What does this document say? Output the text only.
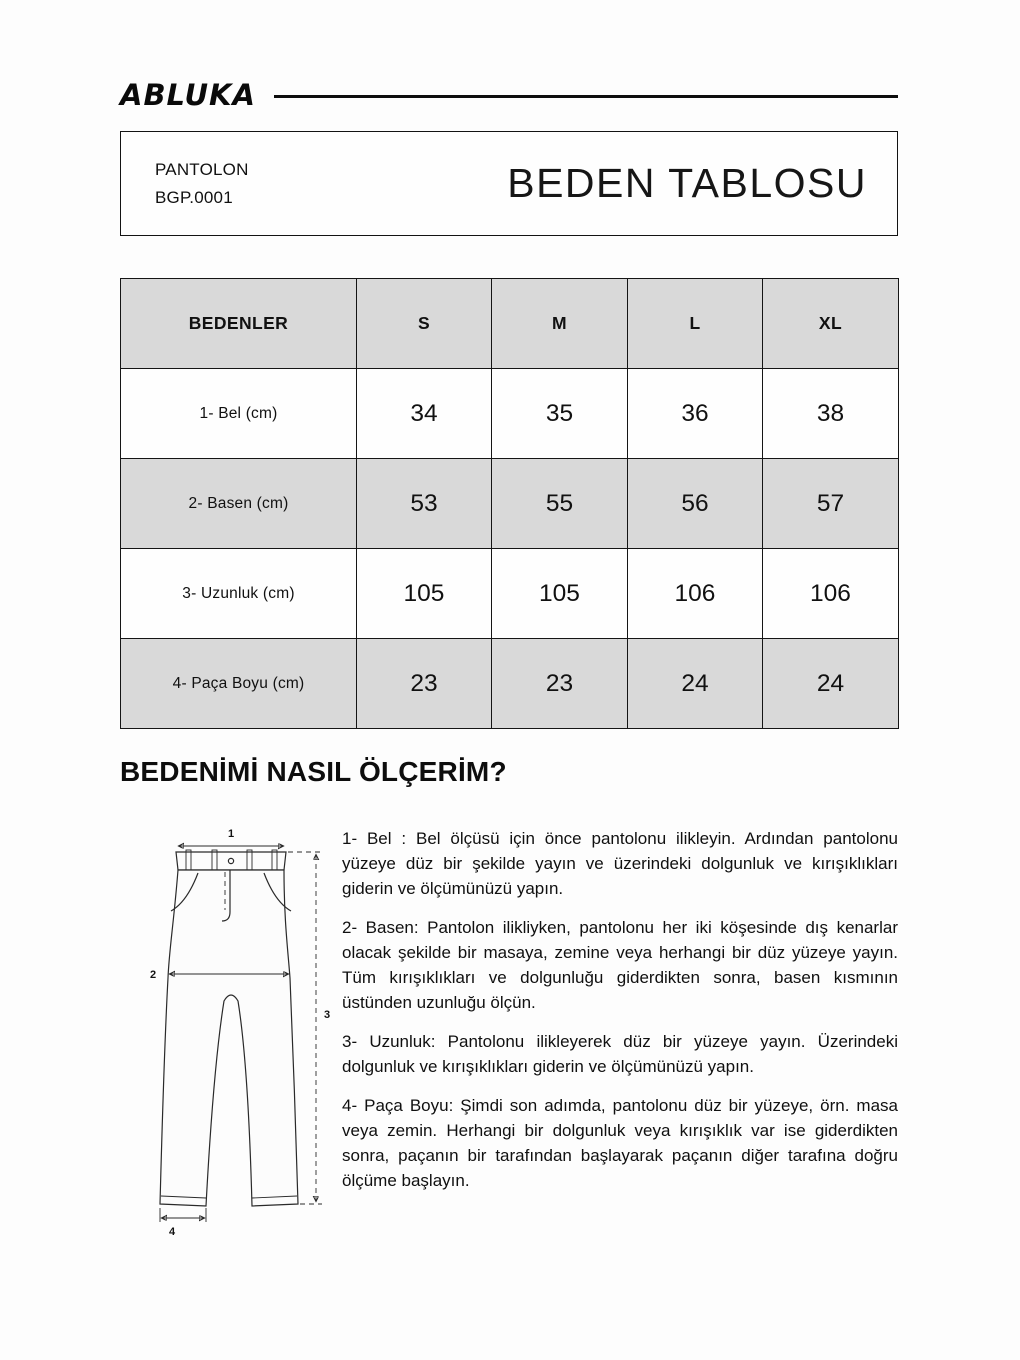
ABLUKA
PANTOLON
BGP.0001	BEDEN TABLOSU
BEDENLER	S	M	L	XL
1- Bel (cm)	34	35	36	38
2- Basen (cm)	53	55	56	57
3- Uzunluk (cm)	105	105	106	106
4- Paça Boyu (cm)	23	23	24	24
BEDENİMİ NASIL ÖLÇERİM?
1
2
3
4

1- Bel : Bel ölçüsü için önce pantolonu ilikleyin. Ardından pantolonu yüzeye düz bir şekilde yayın ve üzerindeki dolgunluk ve kırışıklıkları giderin ve ölçümünüzü yapın.

2- Basen: Pantolon ilikliyken, pantolonu her iki köşesinde dış kenarlar olacak şekilde bir masaya, zemine veya herhangi bir düz yüzeye yayın. Tüm kırışıklıkları ve dolgunluğu giderdikten sonra, basen kısmının üstünden uzunluğu ölçün.

3- Uzunluk: Pantolonu ilikleyerek düz bir yüzeye yayın. Üzerindeki dolgunluk ve kırışıklıkları giderin ve ölçümünüzü yapın.

4- Paça Boyu: Şimdi son adımda, pantolonu düz bir yüzeye, örn. masa veya zemin. Herhangi bir dolgunluk veya kırışıklık var ise giderdikten sonra, paçanın bir tarafından başlayarak paçanın diğer tarafına doğru ölçüme başlayın.
